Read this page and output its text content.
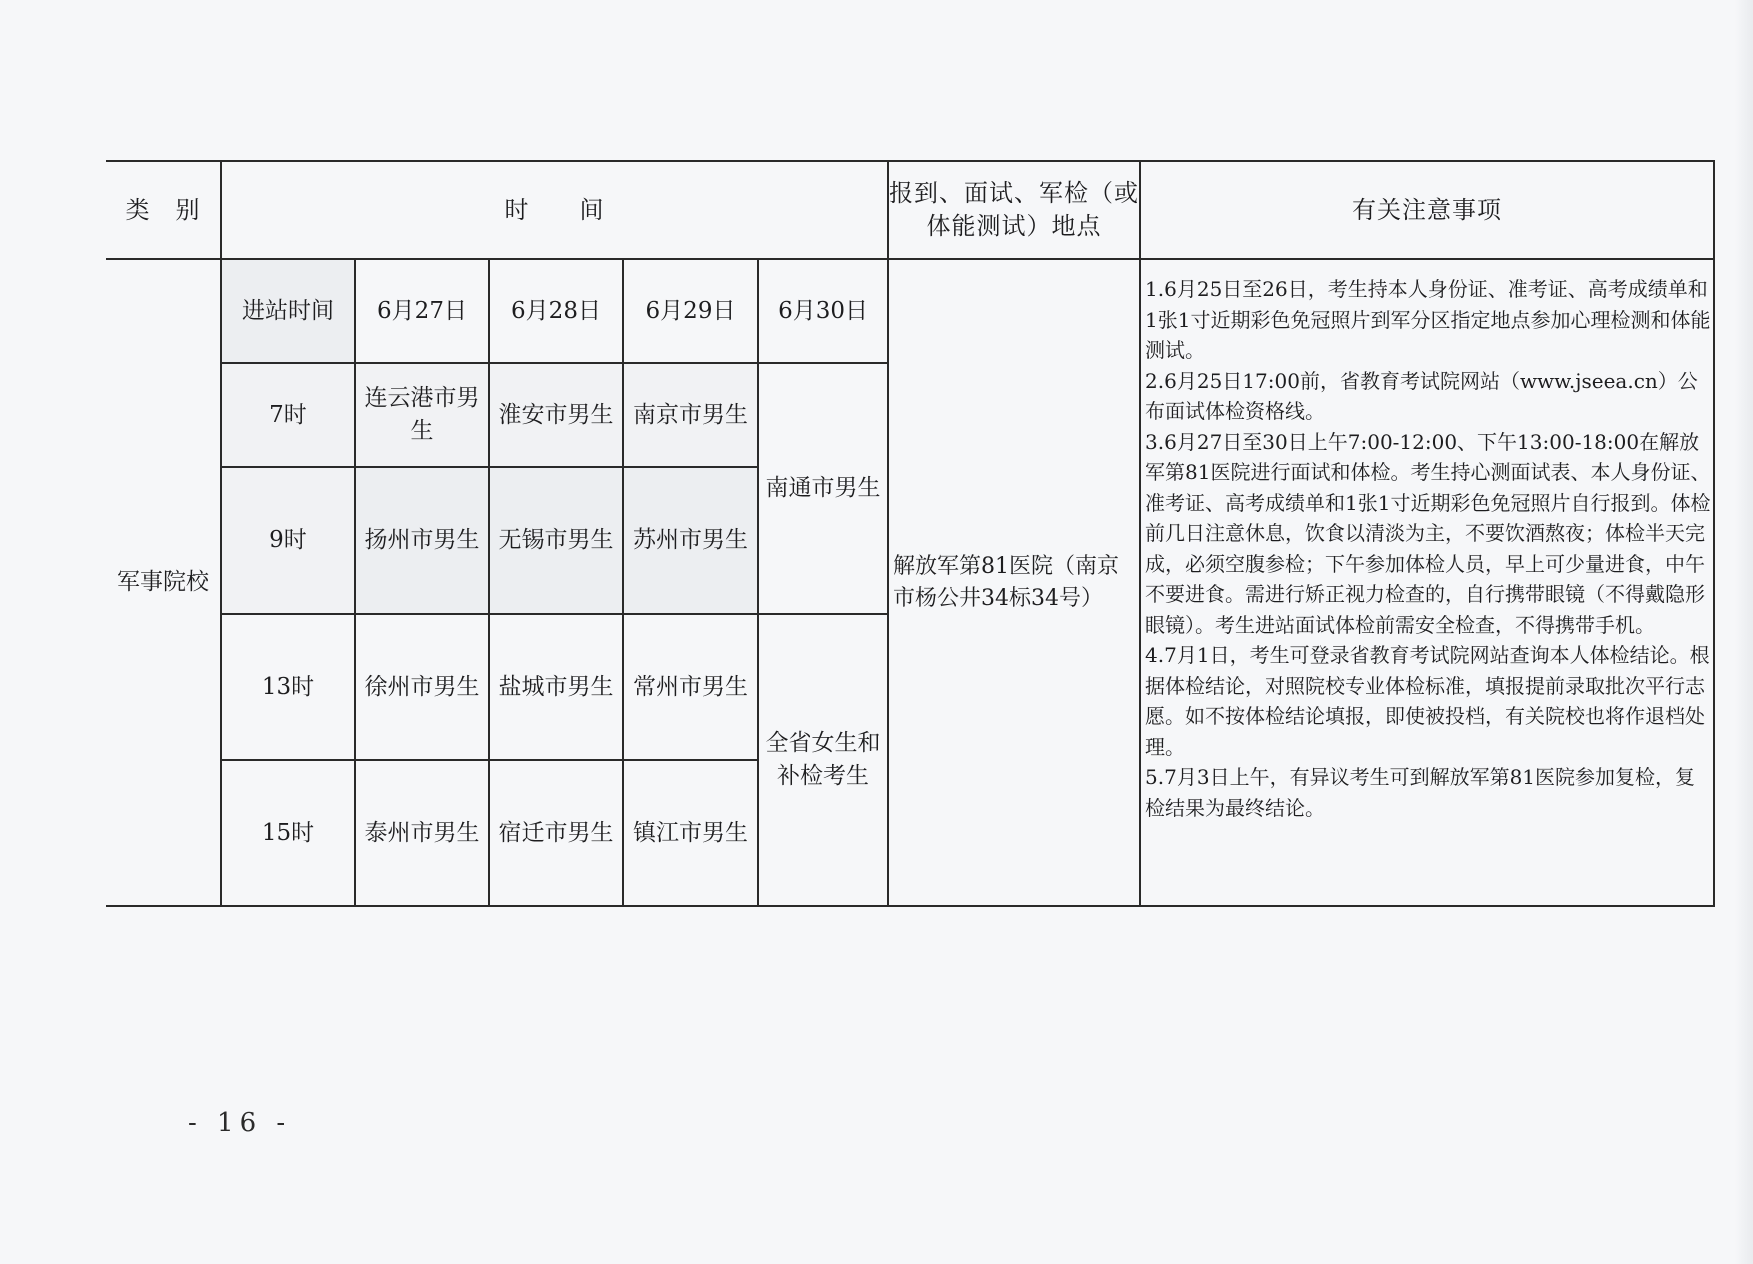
类　别	时　　间					报到、面试、军检（或体能测试）地点	有关注意事项
军事院校	进站时间	6月27日	6月28日	6月29日	6月30日	解放军第81医院（南京市杨公井34标34号）	1.6月25日至26日，考生持本人身份证、准考证、高考成绩单和1张1寸近期彩色免冠照片到军分区指定地点参加心理检测和体能测试。

2.6月25日17:00前，省教育考试院网站（www.jseea.cn）公布面试体检资格线。

3.6月27日至30日上午7:00-12:00、下午13:00-18:00在解放军第81医院进行面试和体检。考生持心测面试表、本人身份证、准考证、高考成绩单和1张1寸近期彩色免冠照片自行报到。体检前几日注意休息，饮食以清淡为主，不要饮酒熬夜；体检半天完成，必须空腹参检；下午参加体检人员，早上可少量进食，中午不要进食。需进行矫正视力检查的，自行携带眼镜（不得戴隐形眼镜）。考生进站面试体检前需安全检查，不得携带手机。

4.7月1日，考生可登录省教育考试院网站查询本人体检结论。根据体检结论，对照院校专业体检标准，填报提前录取批次平行志愿。如不按体检结论填报，即使被投档，有关院校也将作退档处理。

5.7月3日上午，有异议考生可到解放军第81医院参加复检，复检结果为最终结论。

	7时	连云港市男生	淮安市男生	南京市男生	南通市男生		
	9时	扬州市男生	无锡市男生	苏州市男生			
	13时	徐州市男生	盐城市男生	常州市男生	全省女生和补检考生		
	15时	泰州市男生	宿迁市男生	镇江市男生			
- 16 -
